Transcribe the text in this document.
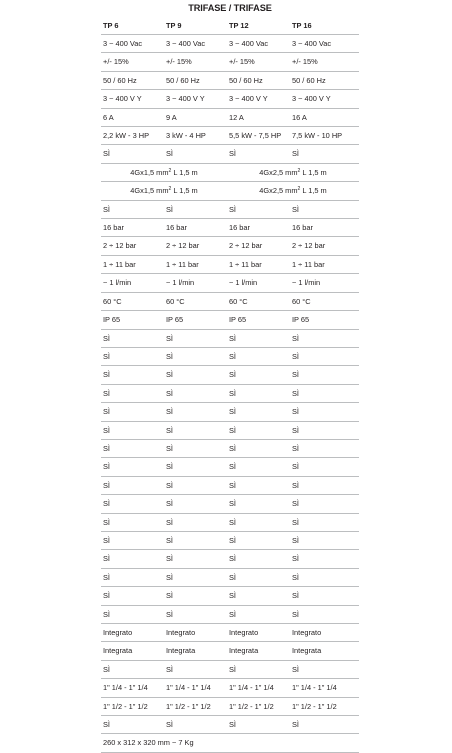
TRIFASE / TRIFASE
TP 6	TP 9	TP 12	TP 16
3 ~ 400 Vac	3 ~ 400 Vac	3 ~ 400 Vac	3 ~ 400 Vac
+/- 15%	+/- 15%	+/- 15%	+/- 15%
50 / 60 Hz	50 / 60 Hz	50 / 60 Hz	50 / 60 Hz
3 ~ 400 V Y	3 ~ 400 V Y	3 ~ 400 V Y	3 ~ 400 V Y
6 A	9 A	12 A	16 A
2,2 kW - 3 HP	3 kW - 4 HP	5,5 kW - 7,5 HP	7,5 kW - 10 HP
SÌ	SÌ	SÌ	SÌ
4Gx1,5 $mm^2$ L 1,5 m		4Gx2,5 $mm^2$ L 1,5 m	
4Gx1,5 $mm^2$ L 1,5 m		4Gx2,5 $mm^2$ L 1,5 m	
SÌ	SÌ	SÌ	SÌ
16 bar	16 bar	16 bar	16 bar
2 ÷ 12 bar	2 ÷ 12 bar	2 ÷ 12 bar	2 ÷ 12 bar
1 ÷ 11 bar	1 ÷ 11 bar	1 ÷ 11 bar	1 ÷ 11 bar
~ 1 l/min	~ 1 l/min	~ 1 l/min	~ 1 l/min
60 °C	60 °C	60 °C	60 °C
IP 65	IP 65	IP 65	IP 65
SÌ	SÌ	SÌ	SÌ
SÌ	SÌ	SÌ	SÌ
SÌ	SÌ	SÌ	SÌ
SÌ	SÌ	SÌ	SÌ
SÌ	SÌ	SÌ	SÌ
SÌ	SÌ	SÌ	SÌ
SÌ	SÌ	SÌ	SÌ
SÌ	SÌ	SÌ	SÌ
SÌ	SÌ	SÌ	SÌ
SÌ	SÌ	SÌ	SÌ
SÌ	SÌ	SÌ	SÌ
SÌ	SÌ	SÌ	SÌ
SÌ	SÌ	SÌ	SÌ
SÌ	SÌ	SÌ	SÌ
SÌ	SÌ	SÌ	SÌ
SÌ	SÌ	SÌ	SÌ
Integrato	Integrato	Integrato	Integrato
Integrata	Integrata	Integrata	Integrata
SÌ	SÌ	SÌ	SÌ
1" 1/4 - 1" 1/4	1" 1/4 - 1" 1/4	1" 1/4 - 1" 1/4	1" 1/4 - 1" 1/4
1" 1/2 - 1" 1/2	1" 1/2 - 1" 1/2	1" 1/2 - 1" 1/2	1" 1/2 - 1" 1/2
SÌ	SÌ	SÌ	SÌ
260 x 312 x 320 mm ~ 7 Kg			
